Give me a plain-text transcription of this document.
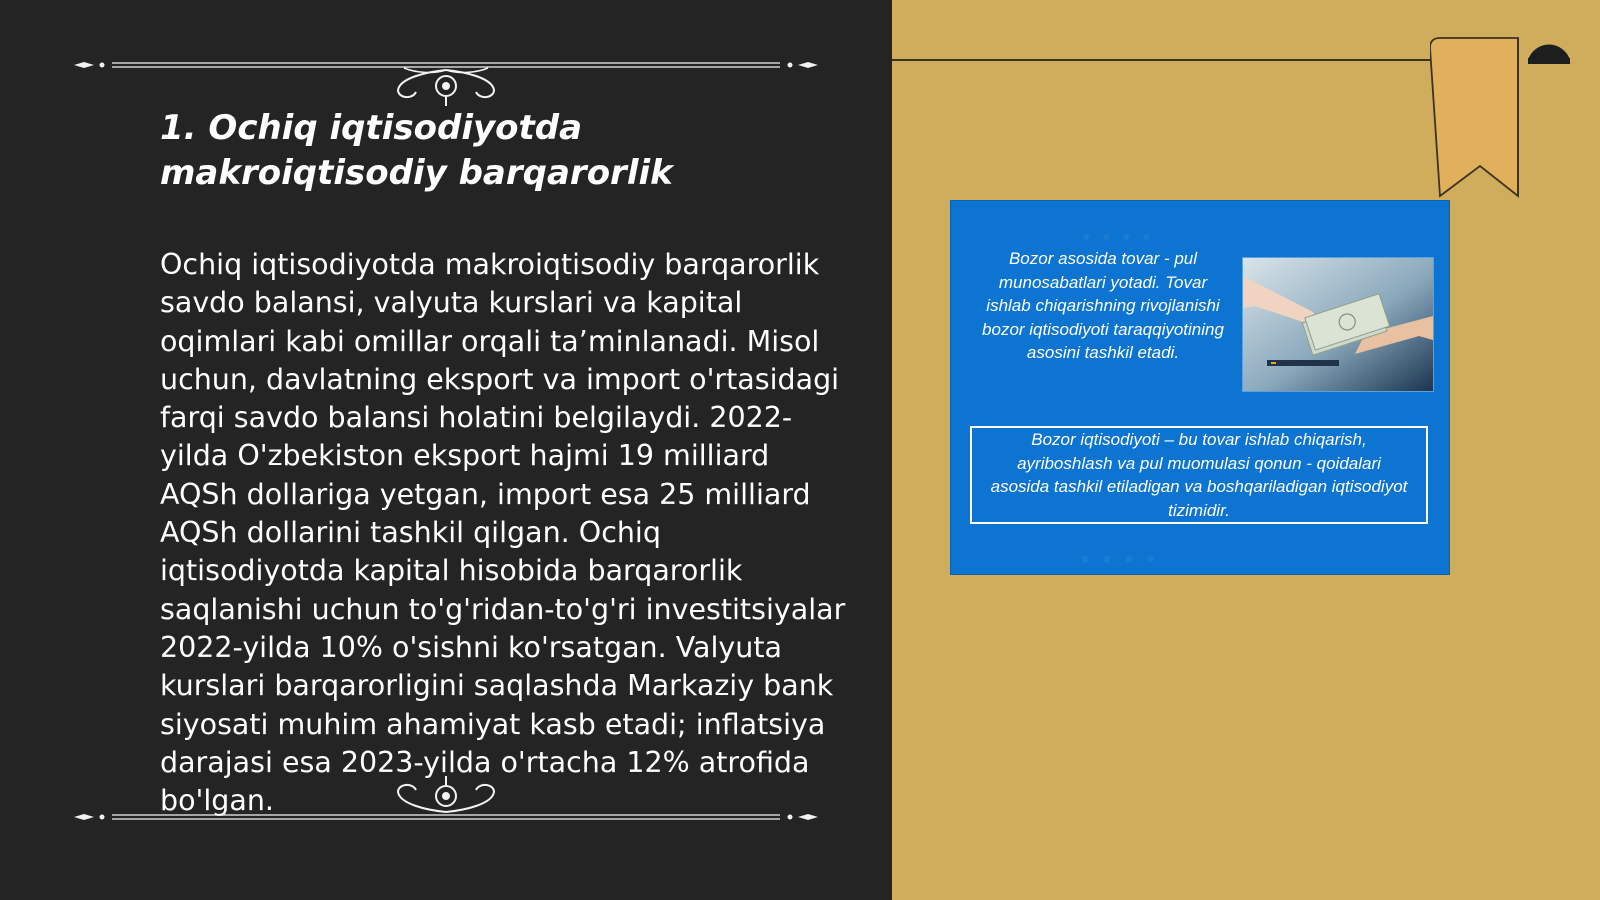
1. Ochiq iqtisodiyotda makroiqtisodiy barqarorlik

Ochiq iqtisodiyotda makroiqtisodiy barqarorlik savdo balansi, valyuta kurslari va kapital oqimlari kabi omillar orqali ta’minlanadi. Misol uchun, davlatning eksport va import o'rtasidagi farqi savdo balansi holatini belgilaydi. 2022-yilda O'zbekiston eksport hajmi 19 milliard AQSh dollariga yetgan, import esa 25 milliard AQSh dollarini tashkil qilgan. Ochiq iqtisodiyotda kapital hisobida barqarorlik saqlanishi uchun to'g'ridan-to'g'ri investitsiyalar 2022-yilda 10% o'sishni ko'rsatgan. Valyuta kurslari barqarorligini saqlashda Markaziy bank siyosati muhim ahamiyat kasb etadi; inflatsiya darajasi esa 2023-yilda o'rtacha 12% atrofida bo'lgan.

• • • •

Bozor asosida tovar - pul munosabatlari yotadi. Tovar ishlab chiqarishning rivojlanishi bozor iqtisodiyoti taraqqiyotining asosini tashkil etadi.

Bozor iqtisodiyoti – bu tovar ishlab chiqarish, ayriboshlash va pul muomulasi qonun - qoidalari asosida tashkil etiladigan va boshqariladigan iqtisodiyot tizimidir.

• • • •
